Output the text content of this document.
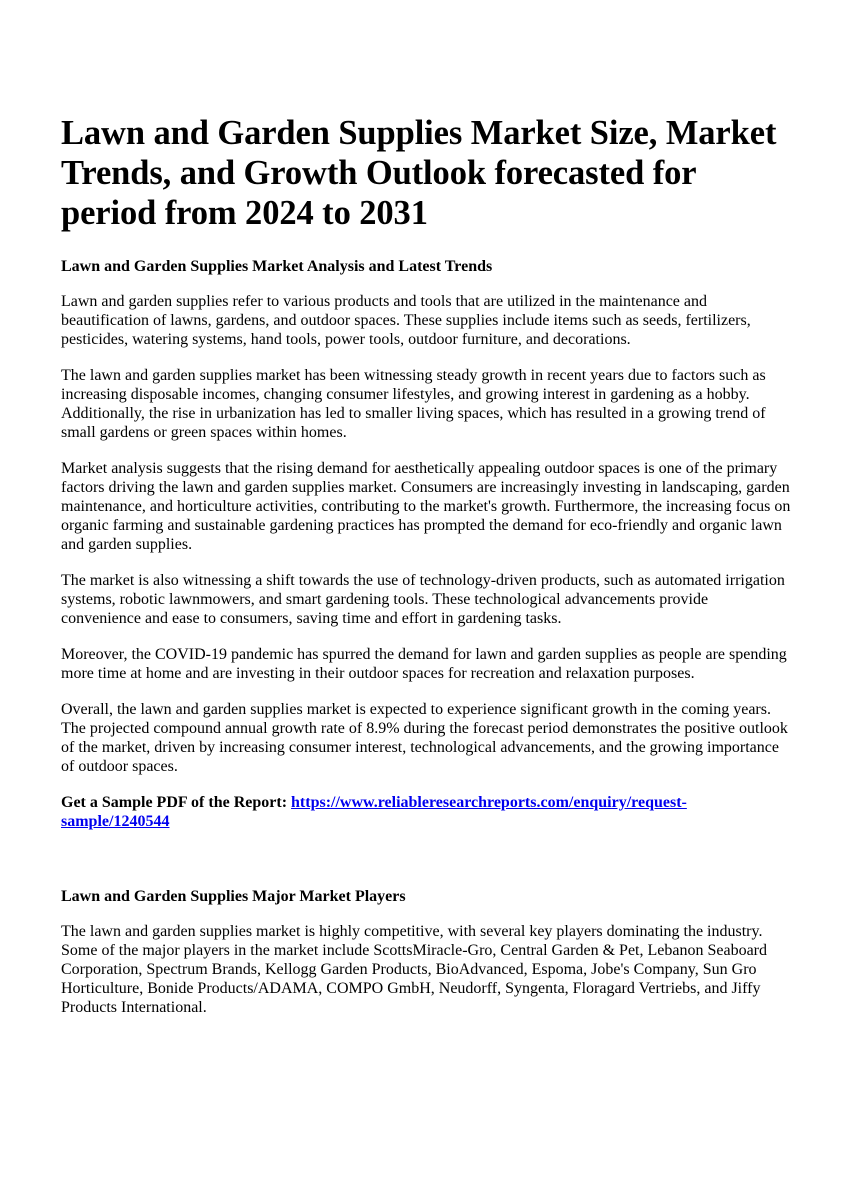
Lawn and Garden Supplies Market Size, Market Trends, and Growth Outlook forecasted for period from 2024 to 2031
Lawn and Garden Supplies Market Analysis and Latest Trends

Lawn and garden supplies refer to various products and tools that are utilized in the maintenance and beautification of lawns, gardens, and outdoor spaces. These supplies include items such as seeds, fertilizers, pesticides, watering systems, hand tools, power tools, outdoor furniture, and decorations.

The lawn and garden supplies market has been witnessing steady growth in recent years due to factors such as increasing disposable incomes, changing consumer lifestyles, and growing interest in gardening as a hobby. Additionally, the rise in urbanization has led to smaller living spaces, which has resulted in a growing trend of small gardens or green spaces within homes.

Market analysis suggests that the rising demand for aesthetically appealing outdoor spaces is one of the primary factors driving the lawn and garden supplies market. Consumers are increasingly investing in landscaping, garden maintenance, and horticulture activities, contributing to the market's growth. Furthermore, the increasing focus on organic farming and sustainable gardening practices has prompted the demand for eco-friendly and organic lawn and garden supplies.

The market is also witnessing a shift towards the use of technology-driven products, such as automated irrigation systems, robotic lawnmowers, and smart gardening tools. These technological advancements provide convenience and ease to consumers, saving time and effort in gardening tasks.

Moreover, the COVID-19 pandemic has spurred the demand for lawn and garden supplies as people are spending more time at home and are investing in their outdoor spaces for recreation and relaxation purposes.

Overall, the lawn and garden supplies market is expected to experience significant growth in the coming years. The projected compound annual growth rate of 8.9% during the forecast period demonstrates the positive outlook of the market, driven by increasing consumer interest, technological advancements, and the growing importance of outdoor spaces.

Get a Sample PDF of the Report: https://www.reliableresearchreports.com/enquiry/request-sample/1240544

Lawn and Garden Supplies Major Market Players

The lawn and garden supplies market is highly competitive, with several key players dominating the industry. Some of the major players in the market include ScottsMiracle-Gro, Central Garden & Pet, Lebanon Seaboard Corporation, Spectrum Brands, Kellogg Garden Products, BioAdvanced, Espoma, Jobe's Company, Sun Gro Horticulture, Bonide Products/ADAMA, COMPO GmbH, Neudorff, Syngenta, Floragard Vertriebs, and Jiffy Products International.
